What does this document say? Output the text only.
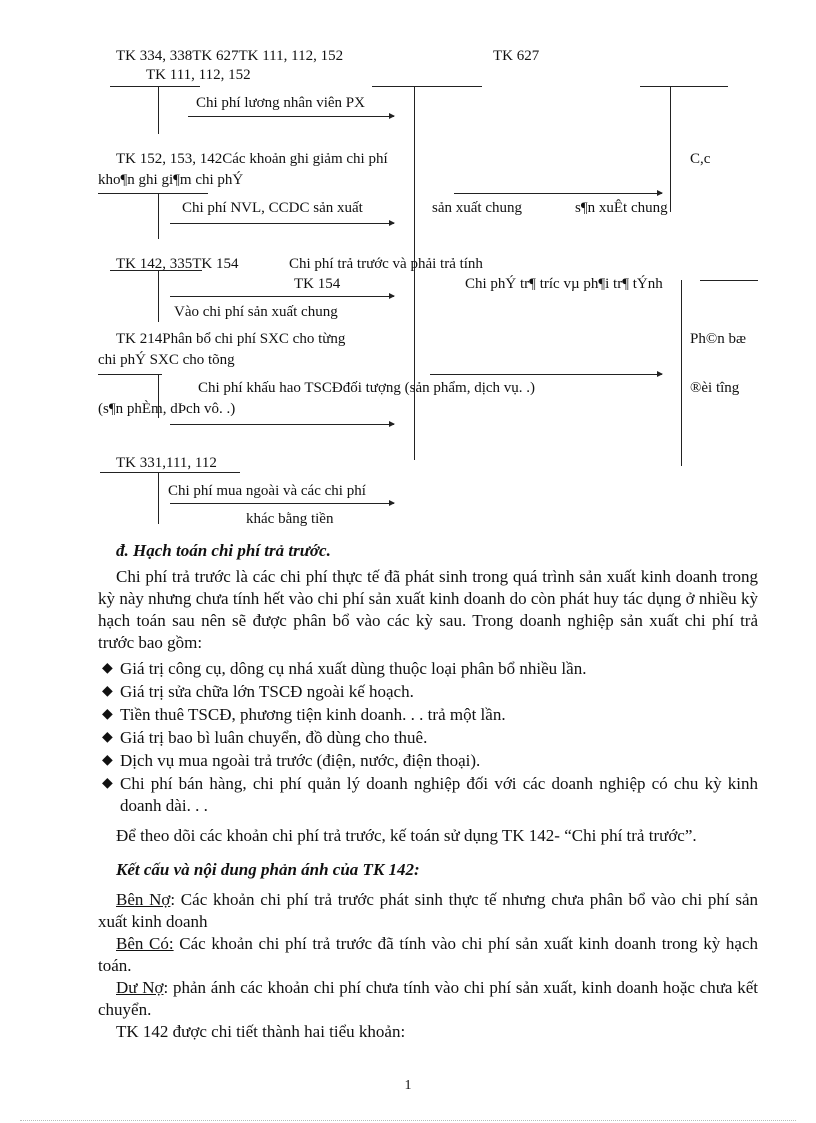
TK 334, 338TK 627TK 111, 112, 152	TK 627
TK 111, 112, 152
Chi phí lương nhân viên PX
TK 152, 153, 142Các khoản ghi giảm chi phí	C,c
kho¶n ghi gi¶m chi phÝ
Chi phí NVL, CCDC sản xuất	sản xuất chung	s¶n xuÊt chung
TK 142, 335TK 154	Chi phí trả trước và phải trả tính
TK 154	Chi phÝ tr¶ tríc vµ ph¶i tr¶ tÝnh
Vào chi phí sản xuất chung
TK 214Phân bổ chi phí SXC cho từng	Ph©n bæ
chi phÝ SXC cho tõng
Chi phí khấu hao TSCĐđối tượng (sản phẩm, dịch vụ. .)	®èi tîng
(s¶n phÈm, dÞch vô. .)
TK 331,111, 112
Chi phí mua ngoài và các chi phí
khác bằng tiền
đ. Hạch toán chi phí trả trước.

Chi phí trả trước là các chi phí thực tế đã phát sinh trong quá trình sản xuất kinh doanh trong kỳ này nhưng chưa tính hết vào chi phí sản xuất kinh doanh do còn phát huy tác dụng ở nhiều kỳ hạch toán sau nên sẽ được phân bổ vào các kỳ sau. Trong doanh nghiệp sản xuất chi phí trả trước bao gồm:

◆ Giá trị công cụ, dông cụ nhá xuất dùng thuộc loại phân bổ nhiều lần.
◆ Giá trị sửa chữa lớn TSCĐ ngoài kế hoạch.
◆ Tiền thuê TSCĐ, phương tiện kinh doanh. . . trả một lần.
◆ Giá trị bao bì luân chuyển, đồ dùng cho thuê.
◆ Dịch vụ mua ngoài trả trước (điện, nước, điện thoại).
◆ Chi phí bán hàng, chi phí quản lý doanh nghiệp đối với các doanh nghiệp có chu kỳ kinh doanh dài. . .

Để theo dõi các khoản chi phí trả trước, kế toán sử dụng TK 142- “Chi phí trả trước”.

Kết cấu và nội dung phản ánh của TK 142:

Bên Nợ: Các khoản chi phí trả trước phát sinh thực tế nhưng chưa phân bổ vào chi phí sản xuất kinh doanh

Bên Có: Các khoản chi phí trả trước đã tính vào chi phí sản xuất kinh doanh trong kỳ hạch toán.

Dư Nợ: phản ánh các khoản chi phí chưa tính vào chi phí sản xuất, kinh doanh hoặc chưa kết chuyển.

TK 142 được chi tiết thành hai tiểu khoản:

1
